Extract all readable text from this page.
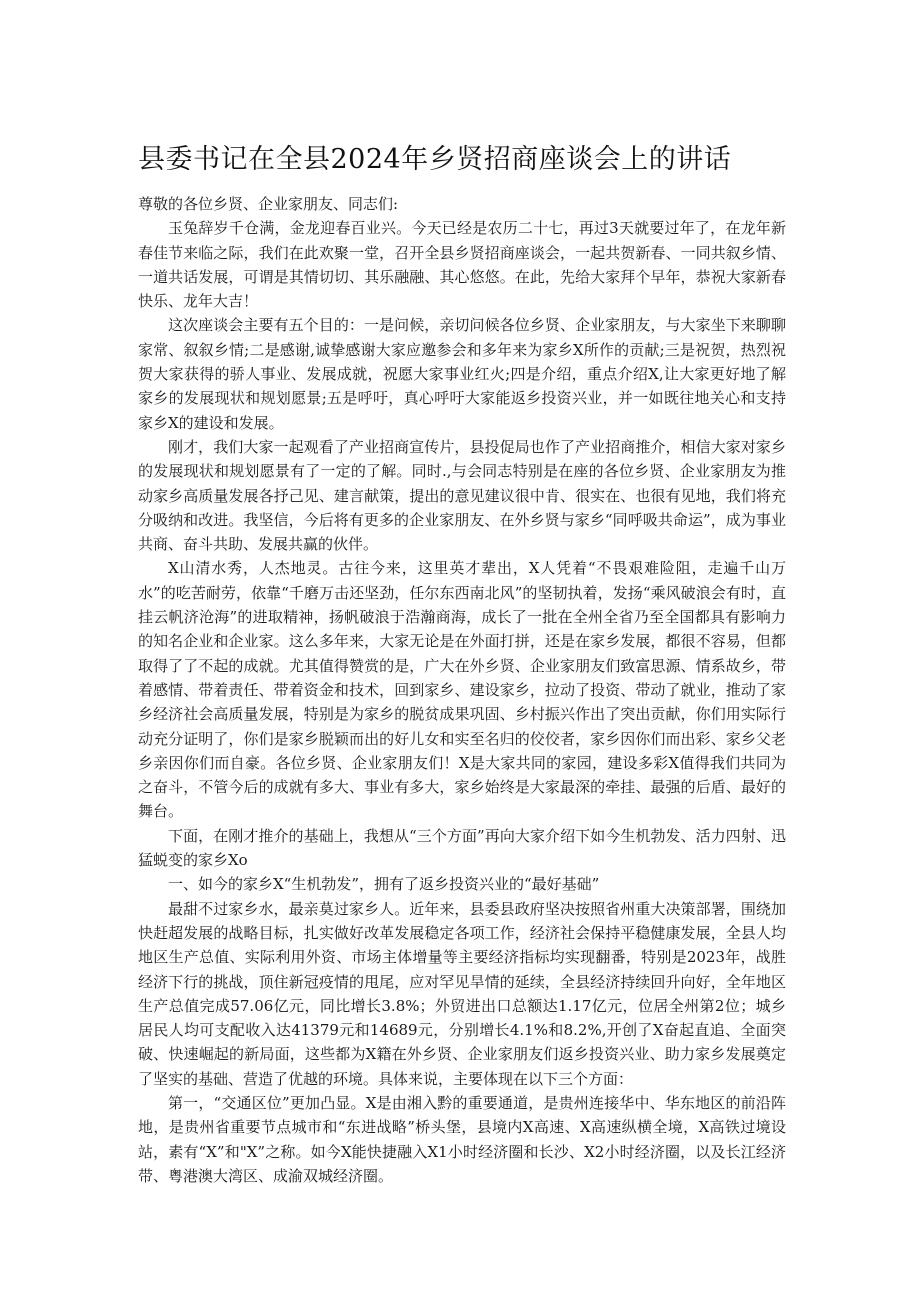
县委书记在全县2024年乡贤招商座谈会上的讲话

尊敬的各位乡贤、企业家朋友、同志们:

玉兔辞岁千仓满，金龙迎春百业兴。今天已经是农历二十七，再过3天就要过年了，在龙年新春佳节来临之际，我们在此欢聚一堂，召开全县乡贤招商座谈会，一起共贺新春、一同共叙乡情、一道共话发展，可谓是其情切切、其乐融融、其心悠悠。在此，先给大家拜个早年，恭祝大家新春快乐、龙年大吉！

这次座谈会主要有五个目的：一是问候，亲切问候各位乡贤、企业家朋友，与大家坐下来聊聊家常、叙叙乡情;二是感谢,诚挚感谢大家应邀参会和多年来为家乡X所作的贡献;三是祝贺，热烈祝贺大家获得的骄人事业、发展成就，祝愿大家事业红火;四是介绍，重点介绍X,让大家更好地了解家乡的发展现状和规划愿景;五是呼吁，真心呼吁大家能返乡投资兴业，并一如既往地关心和支持家乡X的建设和发展。

刚才，我们大家一起观看了产业招商宣传片，县投促局也作了产业招商推介，相信大家对家乡的发展现状和规划愿景有了一定的了解。同时.,与会同志特别是在座的各位乡贤、企业家朋友为推动家乡高质量发展各抒己见、建言献策，提出的意见建议很中肯、很实在、也很有见地，我们将充分吸纳和改进。我坚信，今后将有更多的企业家朋友、在外乡贤与家乡“同呼吸共命运”，成为事业共商、奋斗共助、发展共赢的伙伴。

X山清水秀，人杰地灵。古往今来，这里英才辈出，X人凭着“不畏艰难险阻，走遍千山万水”的吃苦耐劳，依靠“千磨万击还坚劲，任尔东西南北风”的坚韧执着，发扬“乘风破浪会有时，直挂云帆济沧海”的进取精神，扬帆破浪于浩瀚商海，成长了一批在全州全省乃至全国都具有影响力的知名企业和企业家。这么多年来，大家无论是在外面打拼，还是在家乡发展，都很不容易，但都取得了了不起的成就。尤其值得赞赏的是，广大在外乡贤、企业家朋友们致富思源、情系故乡，带着感情、带着责任、带着资金和技术，回到家乡、建设家乡，拉动了投资、带动了就业，推动了家乡经济社会高质量发展，特别是为家乡的脱贫成果巩固、乡村振兴作出了突出贡献，你们用实际行动充分证明了，你们是家乡脱颖而出的好儿女和实至名归的佼佼者，家乡因你们而出彩、家乡父老乡亲因你们而自豪。各位乡贤、企业家朋友们！X是大家共同的家园，建设多彩X值得我们共同为之奋斗，不管今后的成就有多大、事业有多大，家乡始终是大家最深的牵挂、最强的后盾、最好的舞台。

下面，在刚才推介的基础上，我想从“三个方面”再向大家介绍下如今生机勃发、活力四射、迅猛蜕变的家乡Xo

一、如今的家乡X“生机勃发”，拥有了返乡投资兴业的“最好基础”

最甜不过家乡水，最亲莫过家乡人。近年来，县委县政府坚决按照省州重大决策部署，围绕加快赶超发展的战略目标，扎实做好改革发展稳定各项工作，经济社会保持平稳健康发展，全县人均地区生产总值、实际利用外资、市场主体增量等主要经济指标均实现翻番，特别是2023年，战胜经济下行的挑战，顶住新冠疫情的甩尾，应对罕见旱情的延续，全县经济持续回升向好，全年地区生产总值完成57.06亿元，同比增长3.8%；外贸进出口总额达1.17亿元，位居全州第2位；城乡居民人均可支配收入达41379元和14689元，分别增长4.1%和8.2%,开创了X奋起直追、全面突破、快速崛起的新局面，这些都为X籍在外乡贤、企业家朋友们返乡投资兴业、助力家乡发展奠定了坚实的基础、营造了优越的环境。具体来说，主要体现在以下三个方面：

第一，“交通区位”更加凸显。X是由湘入黔的重要通道，是贵州连接华中、华东地区的前沿阵地，是贵州省重要节点城市和“东进战略”桥头堡，县境内X高速、X高速纵横全境，X高铁过境设站，素有“X”和"X”之称。如今X能快捷融入X1小时经济圈和长沙、X2小时经济圈，以及长江经济带、粤港澳大湾区、成渝双城经济圈。
